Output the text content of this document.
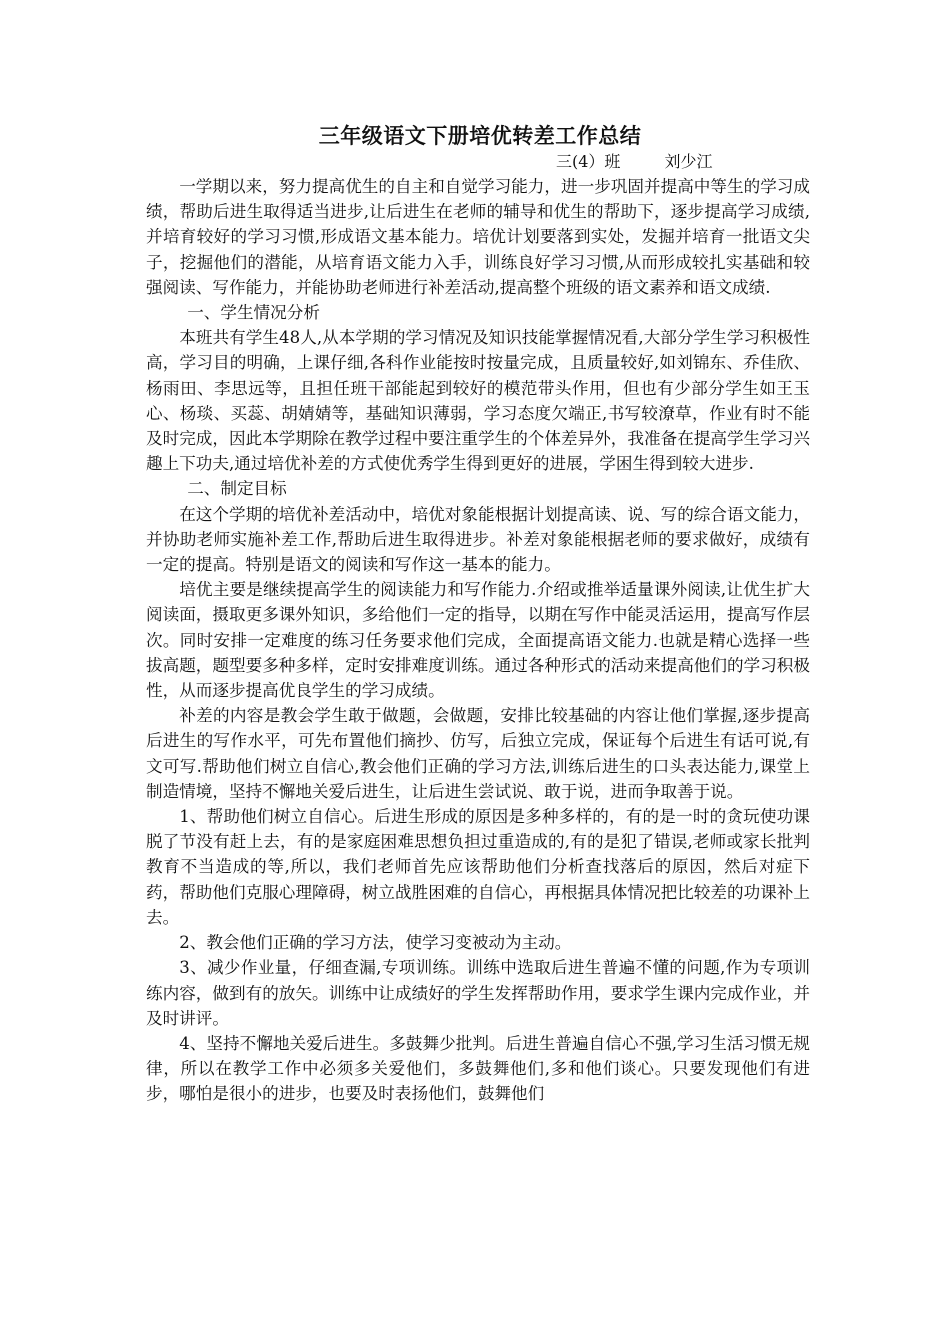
三年级语文下册培优转差工作总结
三(4）班	刘少江

一学期以来，努力提高优生的自主和自觉学习能力，进一步巩固并提高中等生的学习成绩，帮助后进生取得适当进步,让后进生在老师的辅导和优生的帮助下，逐步提高学习成绩,并培育较好的学习习惯,形成语文基本能力。培优计划要落到实处，发掘并培育一批语文尖子，挖掘他们的潜能，从培育语文能力入手，训练良好学习习惯,从而形成较扎实基础和较强阅读、写作能力，并能协助老师进行补差活动,提高整个班级的语文素养和语文成绩.

一、学生情况分析

本班共有学生48人,从本学期的学习情况及知识技能掌握情况看,大部分学生学习积极性高，学习目的明确，上课仔细,各科作业能按时按量完成，且质量较好,如刘锦东、乔佳欣、杨雨田、李思远等，且担任班干部能起到较好的模范带头作用，但也有少部分学生如王玉心、杨琰、买蕊、胡婧婧等，基础知识薄弱，学习态度欠端正,书写较潦草，作业有时不能及时完成，因此本学期除在教学过程中要注重学生的个体差异外，我准备在提高学生学习兴趣上下功夫,通过培优补差的方式使优秀学生得到更好的进展，学困生得到较大进步.

二、制定目标

在这个学期的培优补差活动中，培优对象能根据计划提高读、说、写的综合语文能力，并协助老师实施补差工作,帮助后进生取得进步。补差对象能根据老师的要求做好，成绩有一定的提高。特别是语文的阅读和写作这一基本的能力。

培优主要是继续提高学生的阅读能力和写作能力.介绍或推举适量课外阅读,让优生扩大阅读面，摄取更多课外知识，多给他们一定的指导，以期在写作中能灵活运用，提高写作层次。同时安排一定难度的练习任务要求他们完成，全面提高语文能力.也就是精心选择一些拔高题，题型要多种多样，定时安排难度训练。通过各种形式的活动来提高他们的学习积极性，从而逐步提高优良学生的学习成绩。

补差的内容是教会学生敢于做题，会做题，安排比较基础的内容让他们掌握,逐步提高后进生的写作水平，可先布置他们摘抄、仿写，后独立完成，保证每个后进生有话可说,有文可写.帮助他们树立自信心,教会他们正确的学习方法,训练后进生的口头表达能力,课堂上制造情境，坚持不懈地关爱后进生，让后进生尝试说、敢于说，进而争取善于说。

1、帮助他们树立自信心。后进生形成的原因是多种多样的，有的是一时的贪玩使功课脱了节没有赶上去，有的是家庭困难思想负担过重造成的,有的是犯了错误,老师或家长批判教育不当造成的等,所以，我们老师首先应该帮助他们分析查找落后的原因，然后对症下药，帮助他们克服心理障碍，树立战胜困难的自信心，再根据具体情况把比较差的功课补上去。

2、教会他们正确的学习方法，使学习变被动为主动。

3、减少作业量，仔细查漏,专项训练。训练中选取后进生普遍不懂的问题,作为专项训练内容，做到有的放矢。训练中让成绩好的学生发挥帮助作用，要求学生课内完成作业，并及时讲评。

4、坚持不懈地关爱后进生。多鼓舞少批判。后进生普遍自信心不强,学习生活习惯无规律，所以在教学工作中必须多关爱他们，多鼓舞他们,多和他们谈心。只要发现他们有进步，哪怕是很小的进步，也要及时表扬他们，鼓舞他们
